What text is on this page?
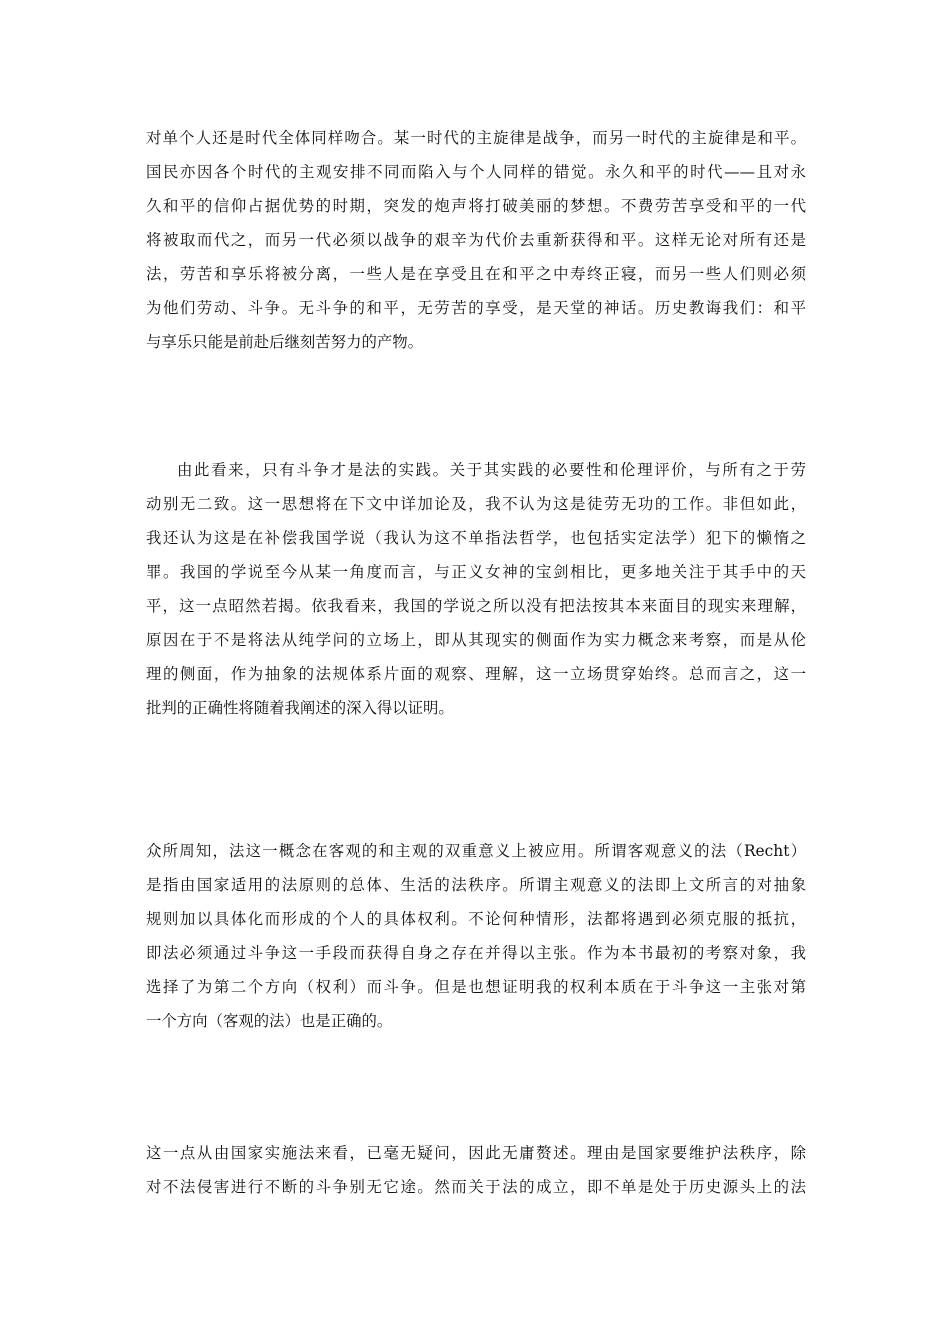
对单个人还是时代全体同样吻合。某一时代的主旋律是战争，而另一时代的主旋律是和平。
国民亦因各个时代的主观安排不同而陷入与个人同样的错觉。永久和平的时代——且对永
久和平的信仰占据优势的时期，突发的炮声将打破美丽的梦想。不费劳苦享受和平的一代
将被取而代之，而另一代必须以战争的艰辛为代价去重新获得和平。这样无论对所有还是
法，劳苦和享乐将被分离，一些人是在享受且在和平之中寿终正寝，而另一些人们则必须
为他们劳动、斗争。无斗争的和平，无劳苦的享受，是天堂的神话。历史教诲我们：和平
与享乐只能是前赴后继刻苦努力的产物。
由此看来，只有斗争才是法的实践。关于其实践的必要性和伦理评价，与所有之于劳
动别无二致。这一思想将在下文中详加论及，我不认为这是徒劳无功的工作。非但如此，
我还认为这是在补偿我国学说（我认为这不单指法哲学，也包括实定法学）犯下的懒惰之
罪。我国的学说至今从某一角度而言，与正义女神的宝剑相比，更多地关注于其手中的天
平，这一点昭然若揭。依我看来，我国的学说之所以没有把法按其本来面目的现实来理解，
原因在于不是将法从纯学问的立场上，即从其现实的侧面作为实力概念来考察，而是从伦
理的侧面，作为抽象的法规体系片面的观察、理解，这一立场贯穿始终。总而言之，这一
批判的正确性将随着我阐述的深入得以证明。
众所周知，法这一概念在客观的和主观的双重意义上被应用。所谓客观意义的法（Recht）
是指由国家适用的法原则的总体、生活的法秩序。所谓主观意义的法即上文所言的对抽象
规则加以具体化而形成的个人的具体权利。不论何种情形，法都将遇到必须克服的抵抗，
即法必须通过斗争这一手段而获得自身之存在并得以主张。作为本书最初的考察对象，我
选择了为第二个方向（权利）而斗争。但是也想证明我的权利本质在于斗争这一主张对第
一个方向（客观的法）也是正确的。
这一点从由国家实施法来看，已毫无疑问，因此无庸赘述。理由是国家要维护法秩序，除
对不法侵害进行不断的斗争别无它途。然而关于法的成立，即不单是处于历史源头上的法
